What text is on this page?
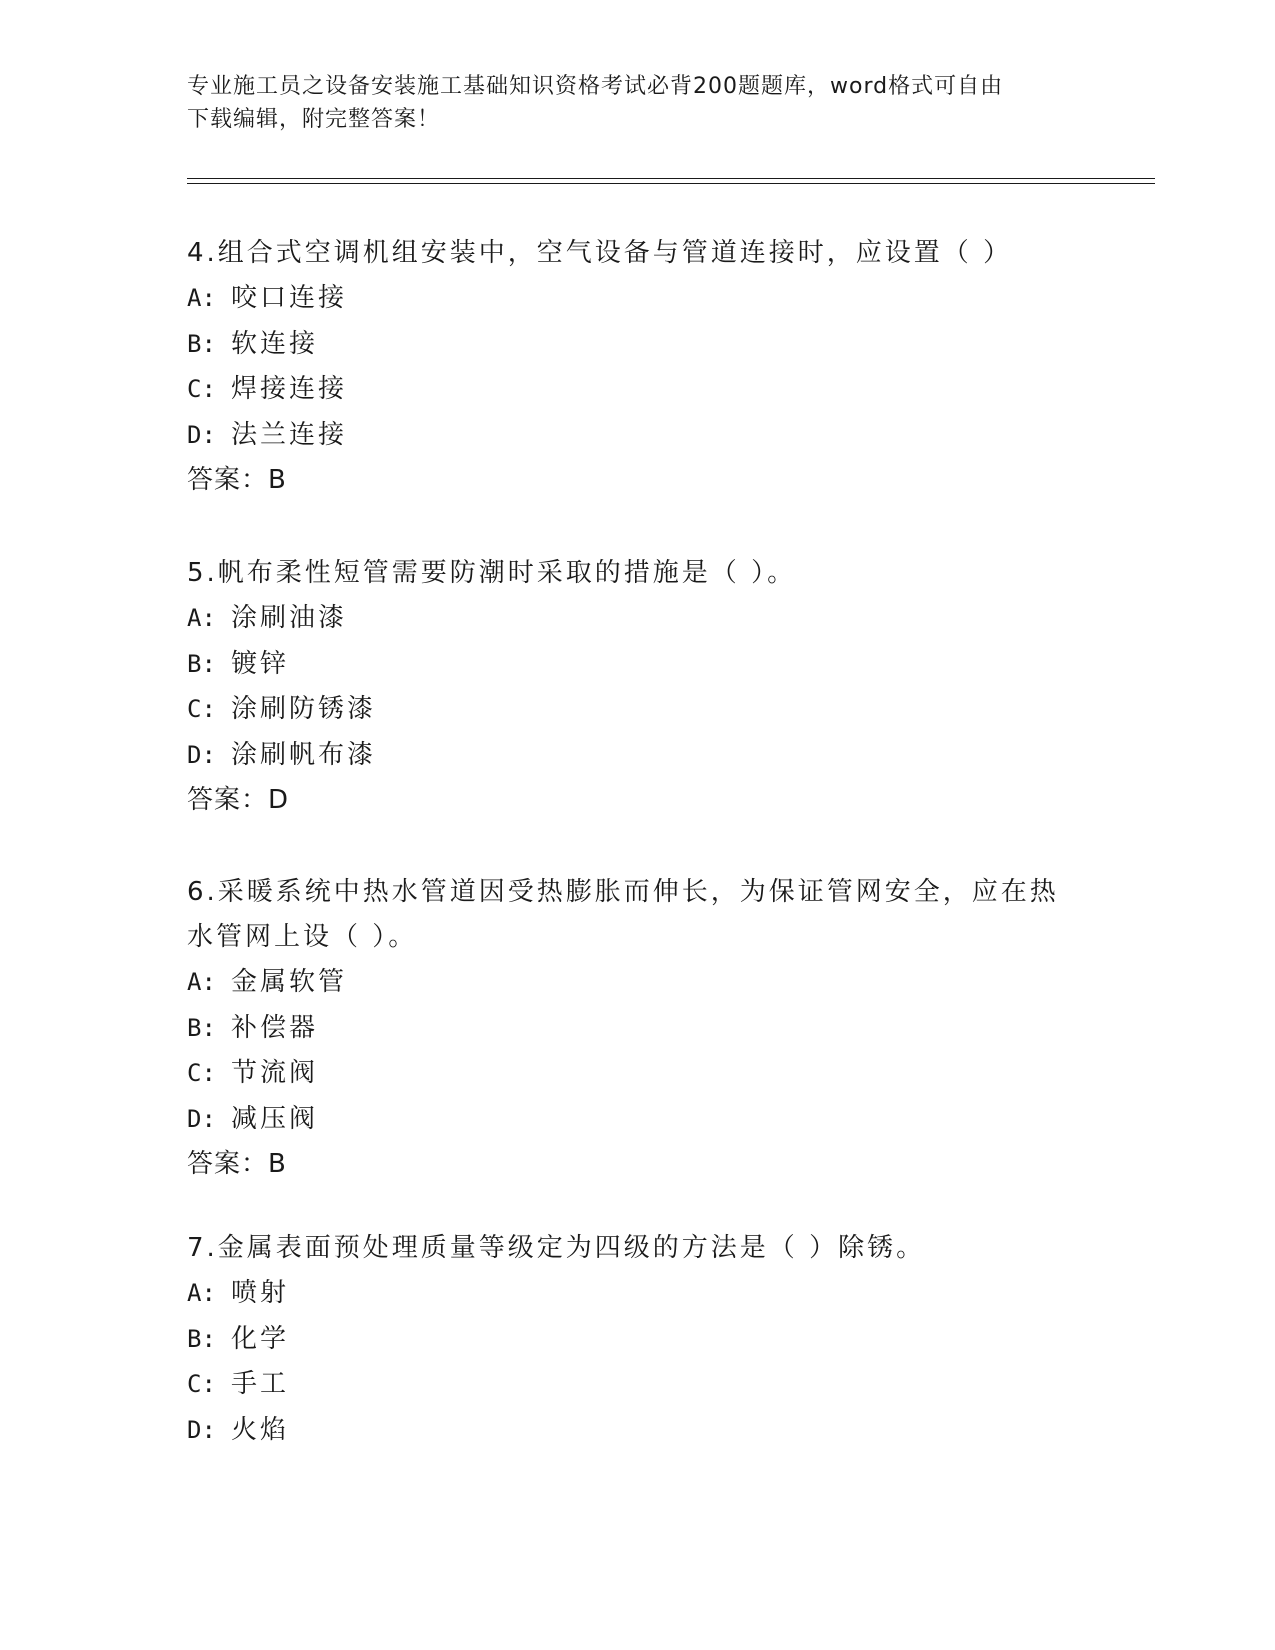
专业施工员之设备安装施工基础知识资格考试必背200题题库，word格式可自由
下载编辑，附完整答案！

4.组合式空调机组安装中，空气设备与管道连接时，应设置（ ）

A: 咬口连接

B: 软连接

C: 焊接连接

D: 法兰连接

答案：B

5.帆布柔性短管需要防潮时采取的措施是（ ）。

A: 涂刷油漆

B: 镀锌

C: 涂刷防锈漆

D: 涂刷帆布漆

答案：D

6.采暖系统中热水管道因受热膨胀而伸长，为保证管网安全，应在热

水管网上设（ ）。

A: 金属软管

B: 补偿器

C: 节流阀

D: 减压阀

答案：B

7.金属表面预处理质量等级定为四级的方法是（ ）除锈。

A: 喷射

B: 化学

C: 手工

D: 火焰
